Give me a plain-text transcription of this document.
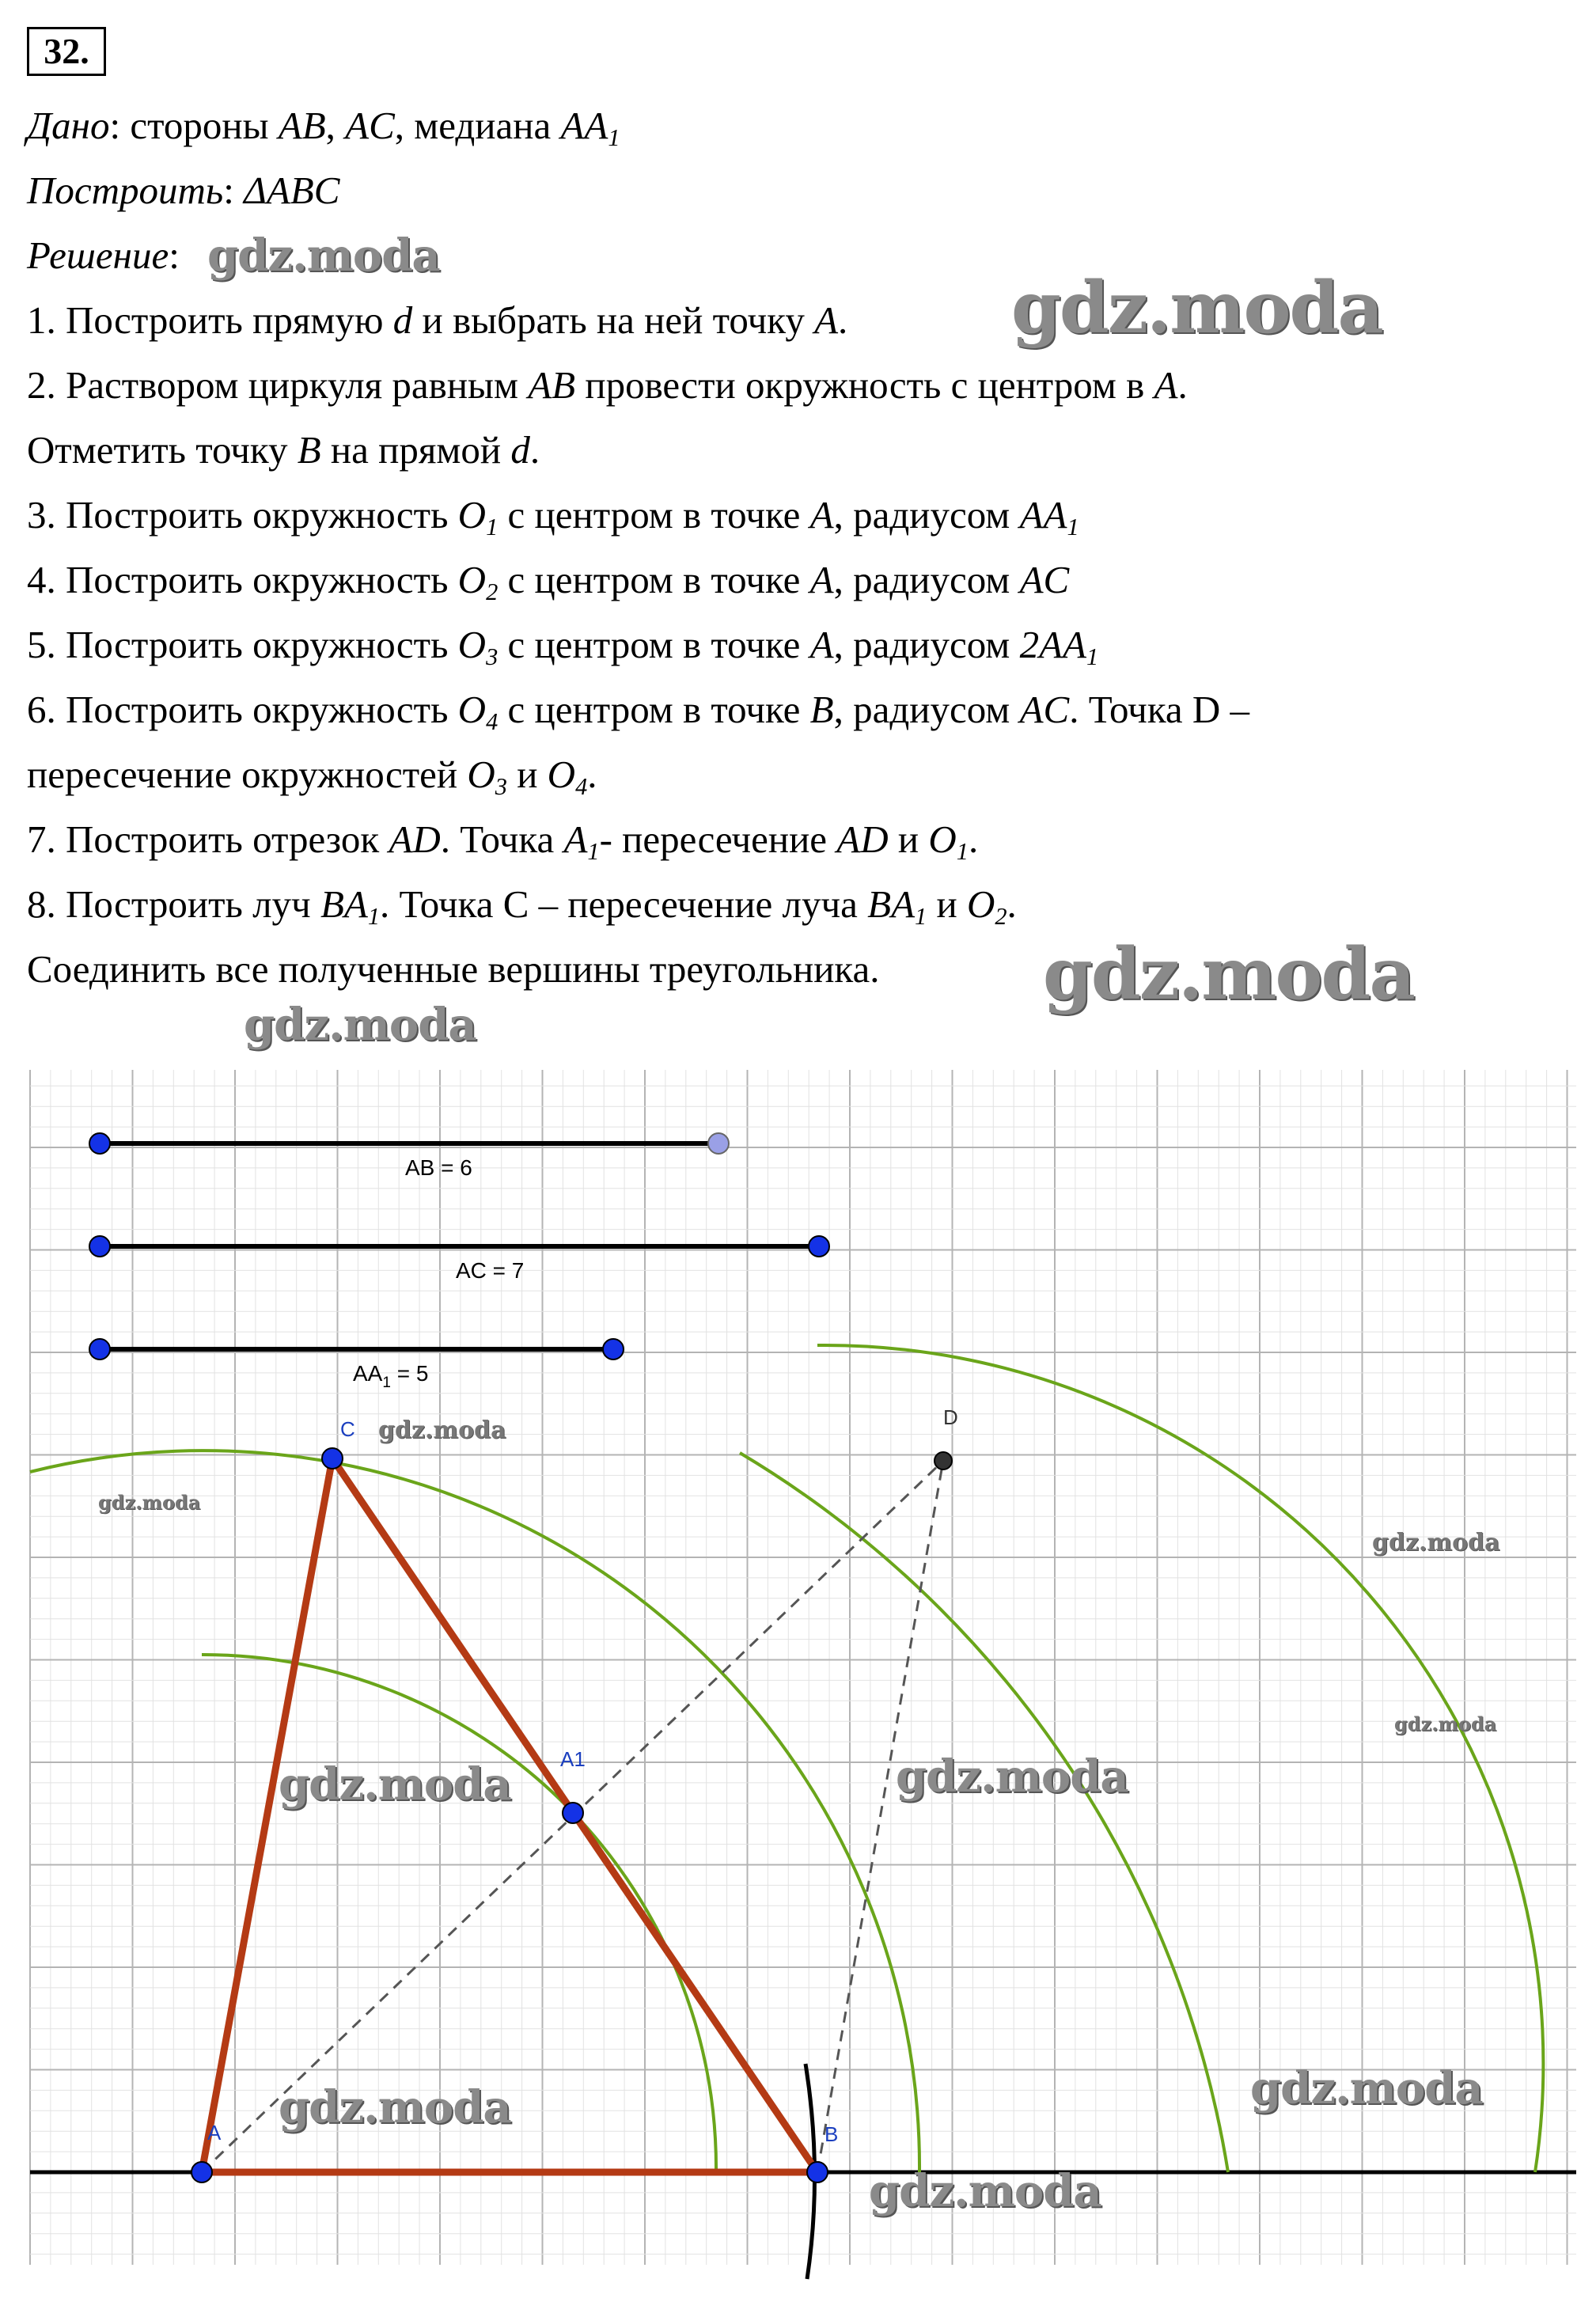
32.
Дано: стороны AB, AC, медиана $AA_1$
Построить: ΔABC
Решение:
1. Построить прямую d и выбрать на ней точку A.
2. Раствором циркуля равным AB провести окружность с центром в A.
Отметить точку B на прямой d.
3. Построить окружность $O_1$ с центром в точке A, радиусом $AA_1$
4. Построить окружность $O_2$ с центром в точке A, радиусом AC
5. Построить окружность $O_3$ с центром в точке A, радиусом $2AA_1$
6. Построить окружность $O_4$ с центром в точке B, радиусом AC. Точка D –
пересечение окружностей $O_3$ и $O_4$.
7. Построить отрезок AD. Точка $A_1-$ пересечение AD и $O_1$.
8. Построить луч $BA_1$. Точка С – пересечение луча $BA_1$ и $O_2$.
Соединить все полученные вершины треугольника.
AB = 6
AC = 7
$AA_1 = 5$
A	B
C
A1
D
gdz.moda
gdz.moda
gdz.moda
gdz.moda
gdz.moda
gdz.moda
gdz.moda
gdz.moda
gdz.moda	gdz.moda
gdz.moda	gdz.moda
gdz.moda
